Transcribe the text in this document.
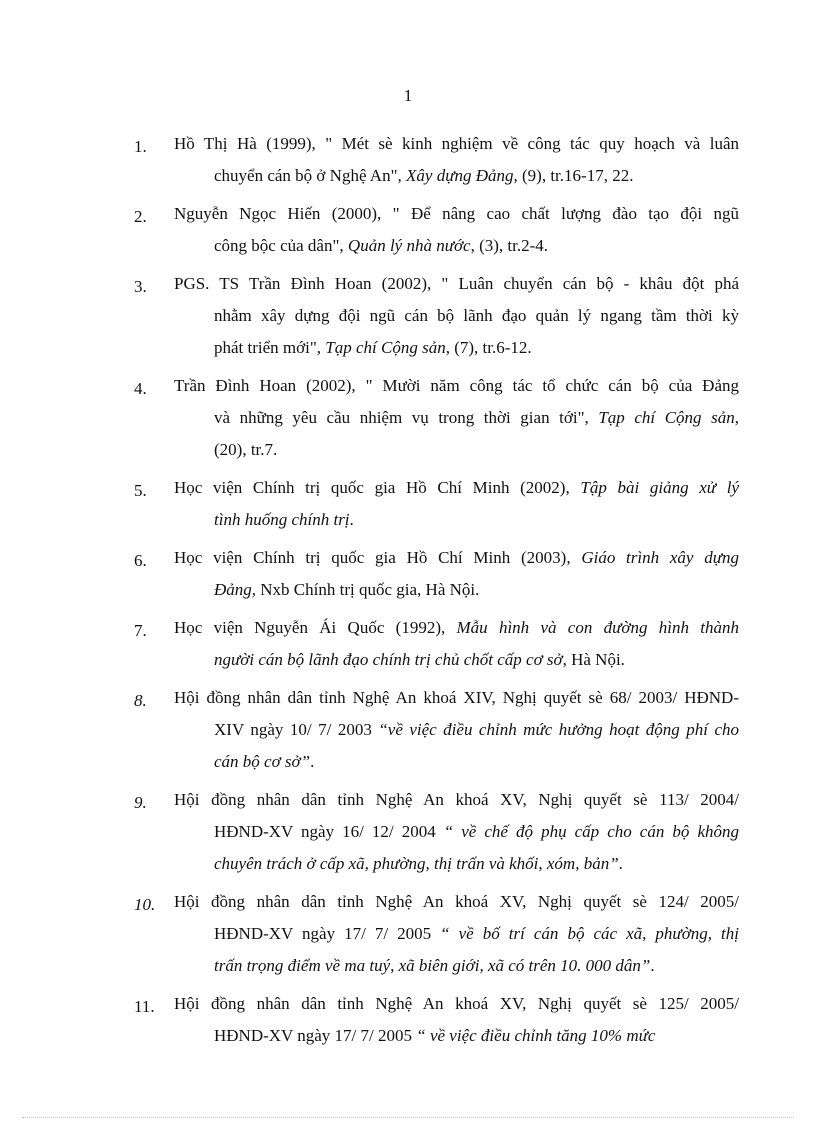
1
1.	Hồ Thị Hà (1999), " Mét sè kinh nghiệm về công tác quy hoạch và luân
chuyển cán bộ ở Nghệ An", Xây dựng Đảng, (9), tr.16-17, 22.
2.	Nguyễn Ngọc Hiến (2000), " Để nâng cao chất lượng đào tạo đội ngũ
công bộc của dân", Quản lý nhà nước, (3), tr.2-4.
3.	PGS. TS Trần Đình Hoan (2002), " Luân chuyển cán bộ - khâu đột phá
nhằm xây dựng đội ngũ cán bộ lãnh đạo quản lý ngang tầm thời kỳ
phát triển mới", Tạp chí Cộng sản, (7), tr.6-12.
4.	Trần Đình Hoan (2002), " Mười năm công tác tổ chức cán bộ của Đảng
và những yêu cầu nhiệm vụ trong thời gian tới", Tạp chí Cộng sản,
(20), tr.7.
5.	Học viện Chính trị quốc gia Hồ Chí Minh (2002), Tập bài giảng xử lý
tình huống chính trị.
6.	Học viện Chính trị quốc gia Hồ Chí Minh (2003), Giáo trình xây dựng
Đảng, Nxb Chính trị quốc gia, Hà Nội.
7.	Học viện Nguyễn Ái Quốc (1992), Mẫu hình và con đường hình thành
người cán bộ lãnh đạo chính trị chủ chốt cấp cơ sở, Hà Nội.
8.	Hội đồng nhân dân tỉnh Nghệ An khoá XIV, Nghị quyết sè 68/ 2003/ HĐND-
XIV ngày 10/ 7/ 2003 “về việc điều chỉnh mức hưởng hoạt động phí cho
cán bộ cơ sở”.
9.	Hội đồng nhân dân tỉnh Nghệ An khoá XV, Nghị quyết sè 113/ 2004/
HĐND-XV ngày 16/ 12/ 2004 “ về chế độ phụ cấp cho cán bộ không
chuyên trách ở cấp xã, phường, thị trấn và khối, xóm, bản”.
10.	Hội đồng nhân dân tỉnh Nghệ An khoá XV, Nghị quyết sè 124/ 2005/
HĐND-XV ngày 17/ 7/ 2005 “ về bố trí cán bộ các xã, phường, thị
trấn trọng điểm về ma tuý, xã biên giới, xã có trên 10. 000 dân”.
11.	Hội đồng nhân dân tỉnh Nghệ An khoá XV, Nghị quyết sè 125/ 2005/
HĐND-XV ngày 17/ 7/ 2005 “ về việc điều chỉnh tăng 10% mức
